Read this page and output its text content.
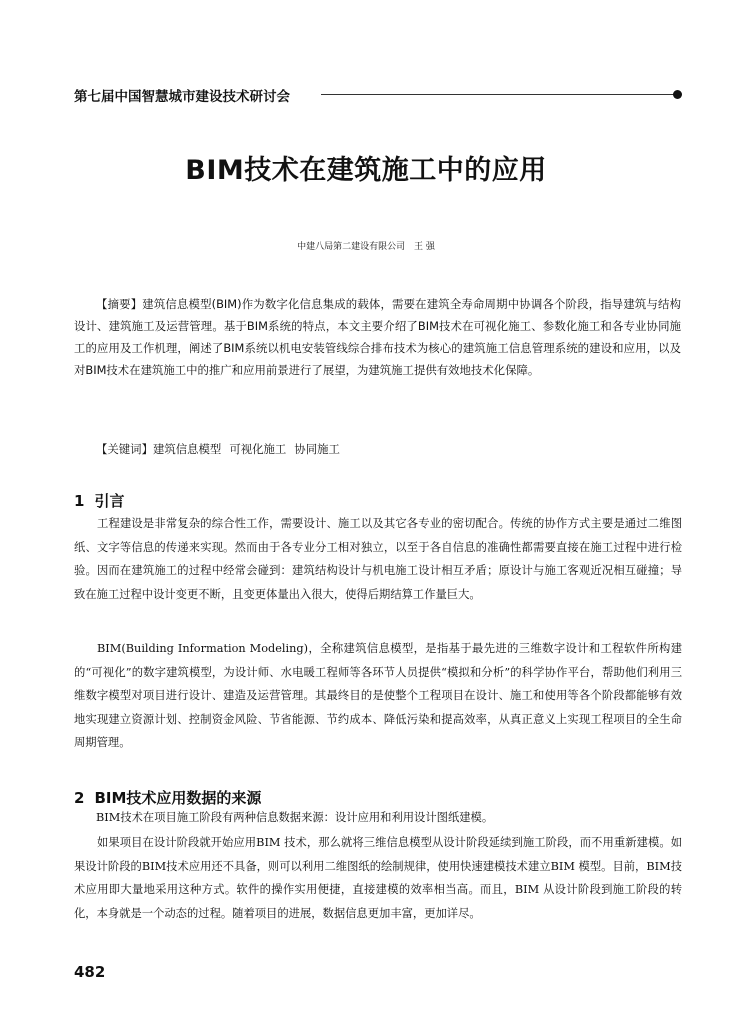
第七届中国智慧城市建设技术研讨会
BIM技术在建筑施工中的应用
中建八局第二建设有限公司 王 强

【摘要】建筑信息模型(BIM)作为数字化信息集成的载体，需要在建筑全寿命周期中协调各个阶段，指导建筑与结构设计、建筑施工及运营管理。基于BIM系统的特点，本文主要介绍了BIM技术在可视化施工、参数化施工和各专业协同施工的应用及工作机理，阐述了BIM系统以机电安装管线综合排布技术为核心的建筑施工信息管理系统的建设和应用，以及对BIM技术在建筑施工中的推广和应用前景进行了展望，为建筑施工提供有效地技术化保障。

【关键词】建筑信息模型 可视化施工 协同施工
1 引言

工程建设是非常复杂的综合性工作，需要设计、施工以及其它各专业的密切配合。传统的协作方式主要是通过二维图纸、文字等信息的传递来实现。然而由于各专业分工相对独立，以至于各自信息的准确性都需要直接在施工过程中进行检验。因而在建筑施工的过程中经常会碰到：建筑结构设计与机电施工设计相互矛盾；原设计与施工客观近况相互碰撞；导致在施工过程中设计变更不断，且变更体量出入很大，使得后期结算工作量巨大。

BIM(Building Information Modeling)，全称建筑信息模型，是指基于最先进的三维数字设计和工程软件所构建的“可视化”的数字建筑模型，为设计师、水电暖工程师等各环节人员提供“模拟和分析”的科学协作平台，帮助他们利用三维数字模型对项目进行设计、建造及运营管理。其最终目的是使整个工程项目在设计、施工和使用等各个阶段都能够有效地实现建立资源计划、控制资金风险、节省能源、节约成本、降低污染和提高效率，从真正意义上实现工程项目的全生命周期管理。

2 BIM技术应用数据的来源
BIM技术在项目施工阶段有两种信息数据来源：设计应用和利用设计图纸建模。

如果项目在设计阶段就开始应用BIM 技术，那么就将三维信息模型从设计阶段延续到施工阶段，而不用重新建模。如果设计阶段的BIM技术应用还不具备，则可以利用二维图纸的绘制规律，使用快速建模技术建立BIM 模型。目前，BIM技术应用即大量地采用这种方式。软件的操作实用便捷，直接建模的效率相当高。而且，BIM 从设计阶段到施工阶段的转化，本身就是一个动态的过程。随着项目的进展，数据信息更加丰富，更加详尽。

482
